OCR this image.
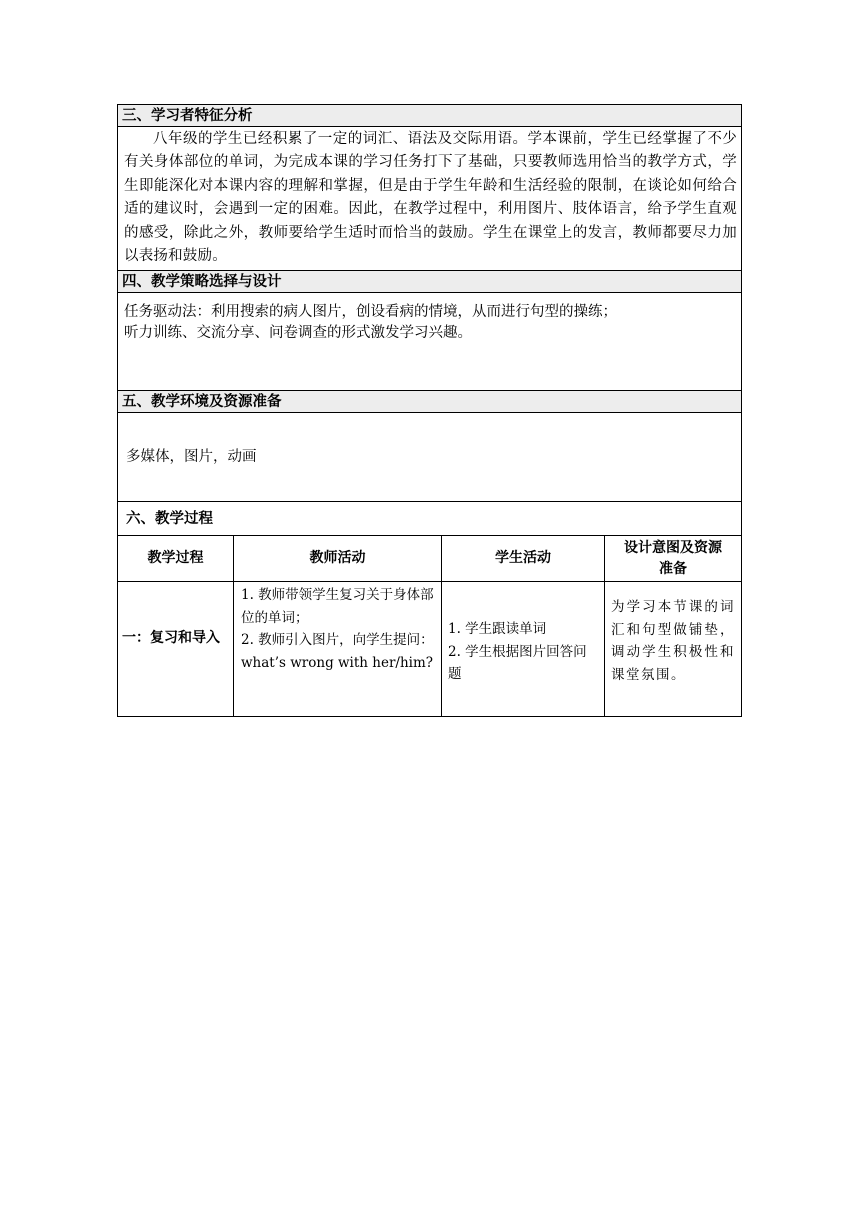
三、学习者特征分析
八年级的学生已经积累了一定的词汇、语法及交际用语。学本课前，学生已经掌握了不少有关身体部位的单词，为完成本课的学习任务打下了基础，只要教师选用恰当的教学方式，学生即能深化对本课内容的理解和掌握，但是由于学生年龄和生活经验的限制，在谈论如何给合适的建议时，会遇到一定的困难。因此，在教学过程中，利用图片、肢体语言，给予学生直观的感受，除此之外，教师要给学生适时而恰当的鼓励。学生在课堂上的发言，教师都要尽力加以表扬和鼓励。
四、教学策略选择与设计
任务驱动法：利用搜索的病人图片，创设看病的情境，从而进行句型的操练；
听力训练、交流分享、问卷调查的形式激发学习兴趣。
五、教学环境及资源准备
多媒体，图片，动画
六、教学过程
教学过程	教师活动	学生活动
设计意图及资源准备
一：复习和导入
1. 教师带领学生复习关于身体部位的单词；
2. 教师引入图片，向学生提问：what’s wrong with her/him?
1. 学生跟读单词
2. 学生根据图片回答问题
为学习本节课的词汇和句型做铺垫，调动学生积极性和课堂氛围。
